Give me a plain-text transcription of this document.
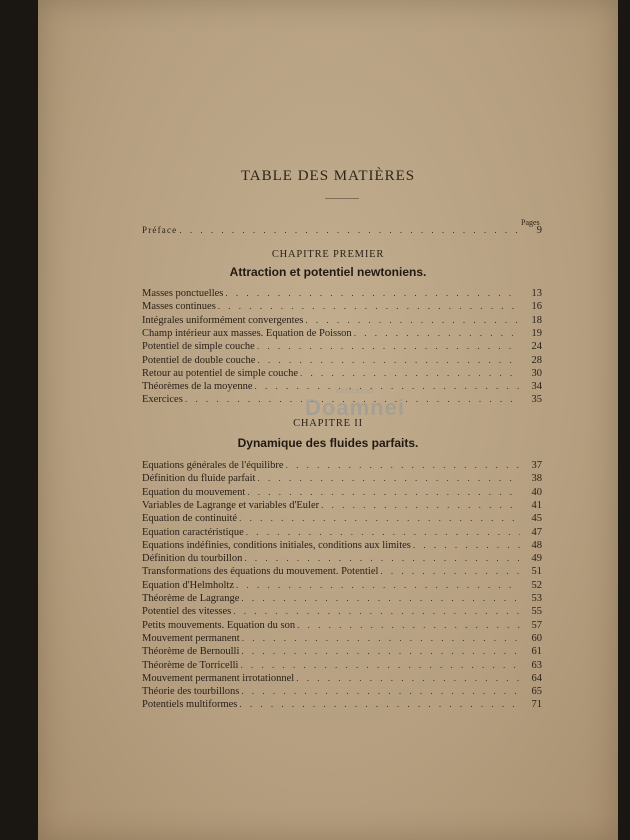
TABLE DES MATIÈRES
Pages
Préface . . .	9
CHAPITRE PREMIER
Attraction et potentiel newtoniens.
Masses ponctuelles . . .	13
Masses continues . . .	16
Intégrales uniformément convergentes . . .	18
Champ intérieur aux masses. Equation de Poisson . . .	19
Potentiel de simple couche . . .	24
Potentiel de double couche . . .	28
Retour au potentiel de simple couche . . .	30
Théorèmes de la moyenne . . .	34
Exercices . . .	35
CHAPITRE II
Dynamique des fluides parfaits.
Equations générales de l'équilibre . . .	37
Définition du fluide parfait . . .	38
Equation du mouvement . . .	40
Variables de Lagrange et variables d'Euler . . .	41
Equation de continuité . . .	45
Equation caractéristique . . .	47
Equations indéfinies, conditions initiales, conditions aux limites . . .	48
Définition du tourbillon . . .	49
Transformations des équations du mouvement. Potentiel . . .	51
Equation d'Helmholtz . . .	52
Théorème de Lagrange . . .	53
Potentiel des vitesses . . .	55
Petits mouvements. Equation du son . . .	57
Mouvement permanent . . .	60
Théorème de Bernoulli . . .	61
Théorème de Torricelli . . .	63
Mouvement permanent irrotationnel . . .	64
Théorie des tourbillons . . .	65
Potentiels multiformes . . .	71
anticariat
Doamnei
